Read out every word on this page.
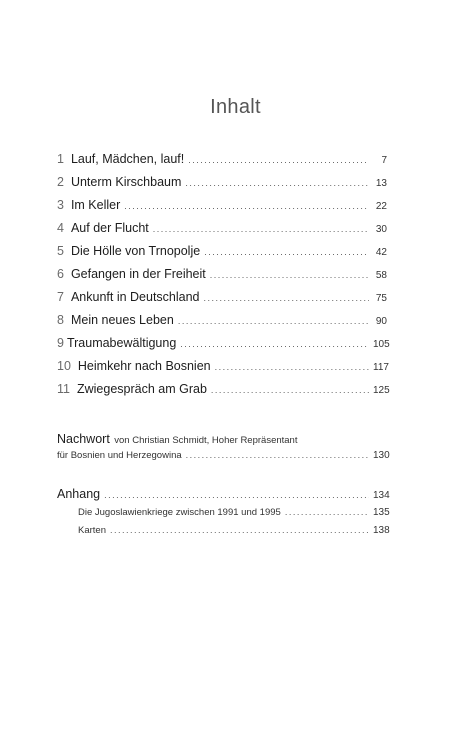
Inhalt
1 Lauf, Mädchen, lauf! . . .	7
2 Unterm Kirschbaum . . .	13
3 Im Keller . . .	22
4 Auf der Flucht . . .	30
5 Die Hölle von Trnopolje . . .	42
6 Gefangen in der Freiheit . . .	58
7 Ankunft in Deutschland . . .	75
8 Mein neues Leben . . .	90
9 Traumabewältigung . . .	105
10 Heimkehr nach Bosnien . . .	117
11 Zwiegespräch am Grab . . .	125
Nachwort von Christian Schmidt, Hoher Repräsentant
für Bosnien und Herzegowina . . .	130
Anhang . . .	134
Die Jugoslawienkriege zwischen 1991 und 1995 . . .	135
Karten . . .	138
